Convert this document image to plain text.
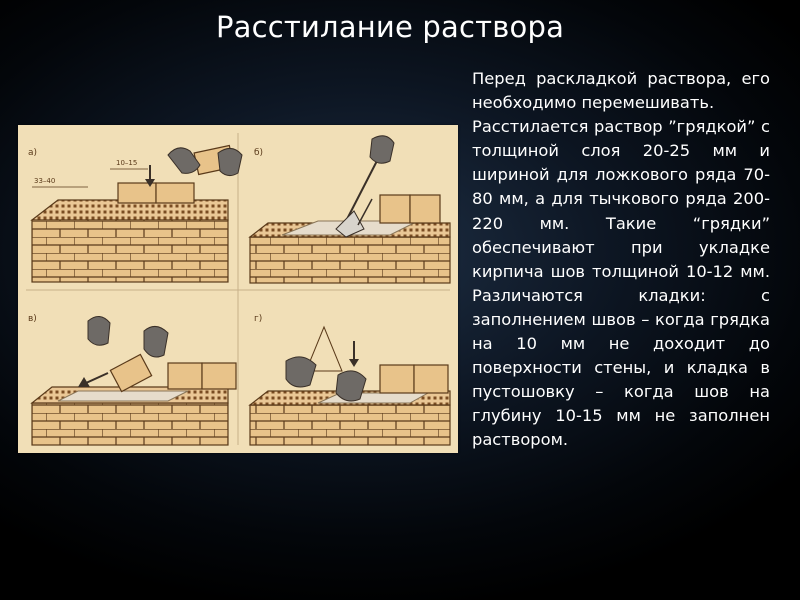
Расстилание раствора
а)
10–15
33–40
б)
в)	г)

Перед раскладкой раствора, его необходимо перемешивать.

Расстилается раствор ”грядкой” с толщиной слоя 20-25 мм и шириной для ложкового ряда 70-80 мм, а для тычкового ряда 200-220 мм. Такие “грядки” обеспечивают при укладке кирпича шов толщиной 10-12 мм. Различаются кладки: с заполнением швов – когда грядка на 10 мм не доходит до поверхности стены, и кладка в пустошовку – когда шов на глубину 10-15 мм не заполнен раствором.
